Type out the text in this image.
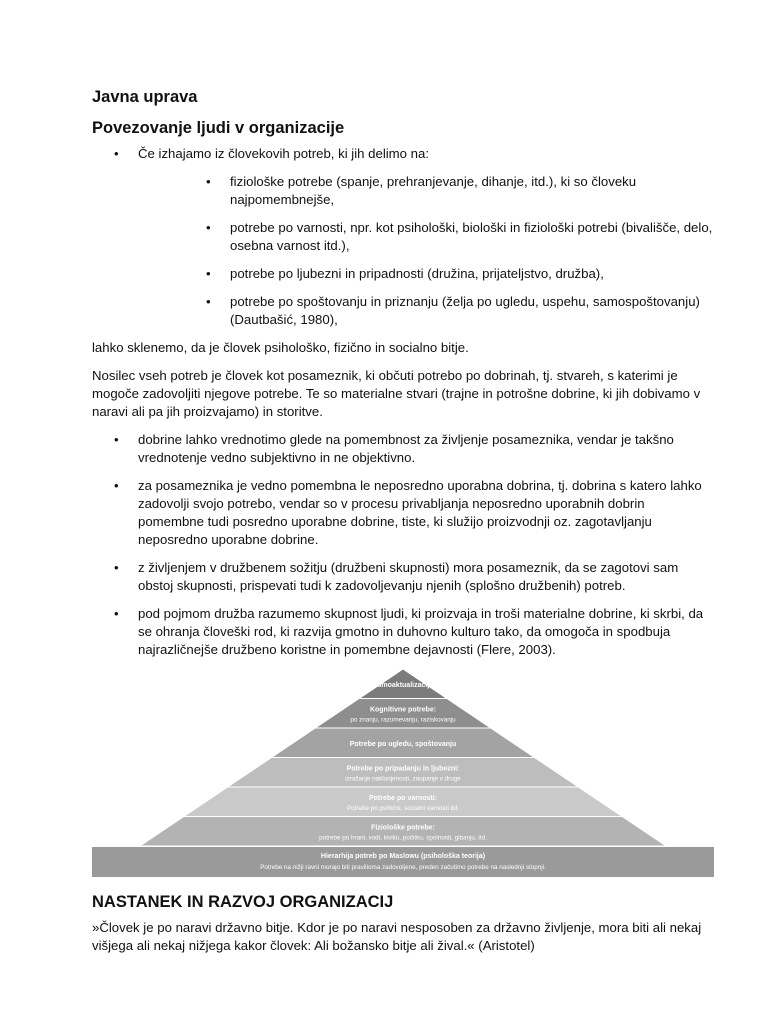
Javna uprava
Povezovanje ljudi v organizacije
• Če izhajamo iz človekovih potreb, ki jih delimo na:
• fiziološke potrebe (spanje, prehranjevanje, dihanje, itd.), ki so človeku najpomembnejše,
• potrebe po varnosti, npr. kot psihološki, biološki in fiziološki potrebi (bivališče, delo, osebna varnost itd.),
• potrebe po ljubezni in pripadnosti (družina, prijateljstvo, družba),
• potrebe po spoštovanju in priznanju (želja po ugledu, uspehu, samospoštovanju) (Dautbašić, 1980),

lahko sklenemo, da je človek psihološko, fizično in socialno bitje.

Nosilec vseh potreb je človek kot posameznik, ki občuti potrebo po dobrinah, tj. stvareh, s katerimi je mogoče zadovoljiti njegove potrebe. Te so materialne stvari (trajne in potrošne dobrine, ki jih dobivamo v naravi ali pa jih proizvajamo) in storitve.

• dobrine lahko vrednotimo glede na pomembnost za življenje posameznika, vendar je takšno vrednotenje vedno subjektivno in ne objektivno.
• za posameznika je vedno pomembna le neposredno uporabna dobrina, tj. dobrina s katero lahko zadovolji svojo potrebo, vendar so v procesu privabljanja neposredno uporabnih dobrin pomembne tudi posredno uporabne dobrine, tiste, ki služijo proizvodnji oz. zagotavljanju neposredno uporabne dobrine.
• z življenjem v družbenem sožitju (družbeni skupnosti) mora posameznik, da se zagotovi sam obstoj skupnosti, prispevati tudi k zadovoljevanju njenih (splošno družbenih) potreb.
• pod pojmom družba razumemo skupnost ljudi, ki proizvaja in troši materialne dobrine, ki skrbi, da se ohranja človeški rod, ki razvija gmotno in duhovno kulturo tako, da omogoča in spodbuja najrazličnejše družbeno koristne in pomembne dejavnosti (Flere, 2003).
Samoaktualizacija
Kognitivne potrebe:
po znanju, razumevanju, raziskovanju
Potrebe po ugledu, spoštovanju
Potrebe po pripadanju in ljubezni:
izražanje naklonjenosti, zaupanje v druge
Potrebe po varnosti:
Potrebe po psihični, socialni varnosti itd.
Fiziološke potrebe:
potrebe po hrani, vodi, kisiku, počitku, spolnosti, gibanju, itd.
Hierarhija potreb po Maslowu (psihološka teorija)
Potrebe na nižji ravni morajo biti pravilioma zadovoljene, preden začutimo potrebe na naslednji stopnji.
NASTANEK IN RAZVOJ ORGANIZACIJ

»Človek je po naravi državno bitje. Kdor je po naravi nesposoben za državno življenje, mora biti ali nekaj višjega ali nekaj nižjega kakor človek: Ali božansko bitje ali žival.« (Aristotel)
